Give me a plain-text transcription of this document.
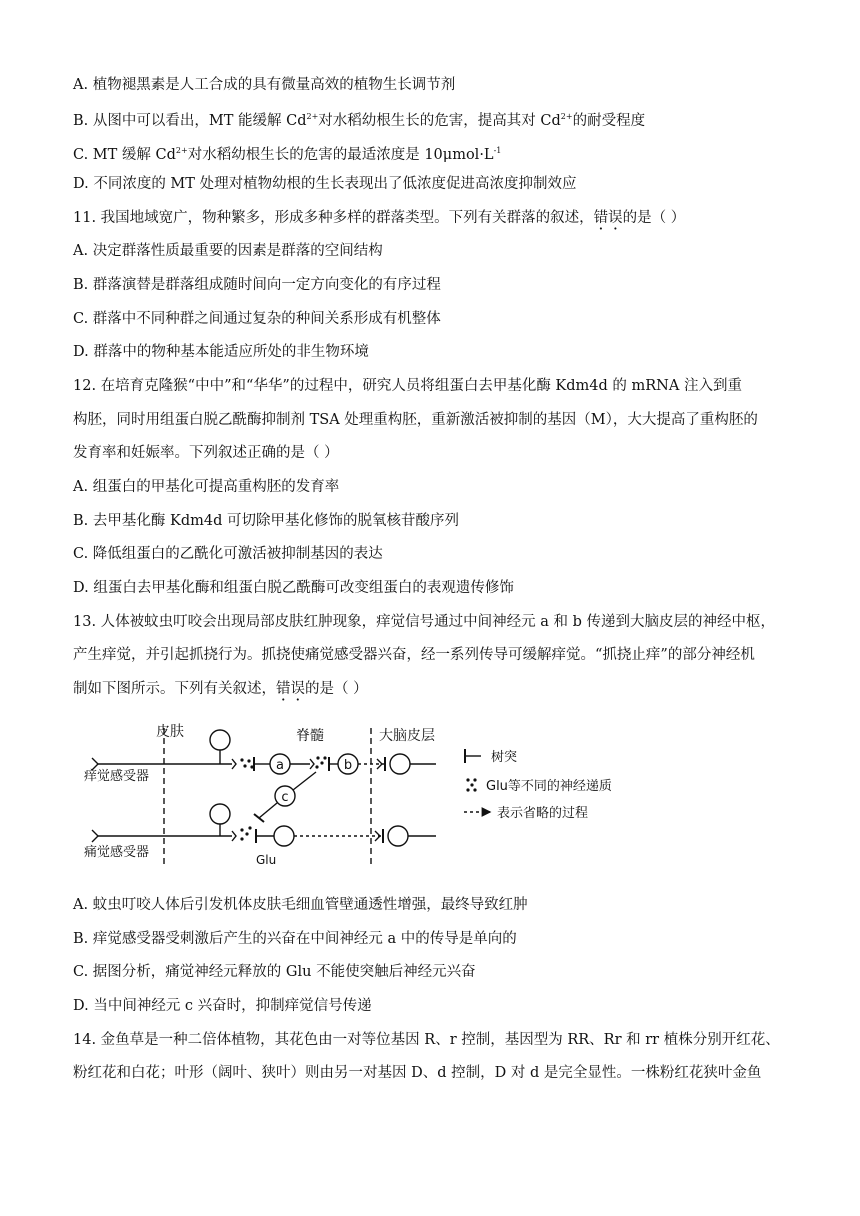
A. 植物褪黑素是人工合成的具有微量高效的植物生长调节剂
B. 从图中可以看出，MT 能缓解 $Cd^{2+}$对水稻幼根生长的危害，提高其对 $Cd^{2+}$的耐受程度
C. MT 缓解 $Cd^{2+}$对水稻幼根生长的危害的最适浓度是 $10\mu mol\cdot L^{-1}$
D. 不同浓度的 MT 处理对植物幼根的生长表现出了低浓度促进高浓度抑制效应
11. 我国地域宽广，物种繁多，形成多种多样的群落类型。下列有关群落的叙述，错误的是（ ）
A. 决定群落性质最重要的因素是群落的空间结构
B. 群落演替是群落组成随时间向一定方向变化的有序过程
C. 群落中不同种群之间通过复杂的种间关系形成有机整体
D. 群落中的物种基本能适应所处的非生物环境
12. 在培育克隆猴“中中”和“华华”的过程中，研究人员将组蛋白去甲基化酶 Kdm4d 的 mRNA 注入到重
构胚，同时用组蛋白脱乙酰酶抑制剂 TSA 处理重构胚，重新激活被抑制的基因（M），大大提高了重构胚的
发育率和妊娠率。下列叙述正确的是（ ）
A. 组蛋白的甲基化可提高重构胚的发育率
B. 去甲基化酶 Kdm4d 可切除甲基化修饰的脱氧核苷酸序列
C. 降低组蛋白的乙酰化可激活被抑制基因的表达
D. 组蛋白去甲基化酶和组蛋白脱乙酰酶可改变组蛋白的表观遗传修饰
13. 人体被蚊虫叮咬会出现局部皮肤红肿现象，痒觉信号通过中间神经元 a 和 b 传递到大脑皮层的神经中枢，
产生痒觉，并引起抓挠行为。抓挠使痛觉感受器兴奋，经一系列传导可缓解痒觉。“抓挠止痒”的部分神经机
制如下图所示。下列有关叙述，错误的是（ ）
皮肤	脊髓	大脑皮层
痒觉感受器
痛觉感受器
a	b
c
Glu
树突
Glu等不同的神经递质
表示省略的过程
A. 蚊虫叮咬人体后引发机体皮肤毛细血管壁通透性增强，最终导致红肿
B. 痒觉感受器受刺激后产生的兴奋在中间神经元 a 中的传导是单向的
C. 据图分析，痛觉神经元释放的 Glu 不能使突触后神经元兴奋
D. 当中间神经元 c 兴奋时，抑制痒觉信号传递
14. 金鱼草是一种二倍体植物，其花色由一对等位基因 R、r 控制，基因型为 RR、Rr 和 rr 植株分别开红花、
粉红花和白花；叶形（阔叶、狭叶）则由另一对基因 D、d 控制，D 对 d 是完全显性。一株粉红花狭叶金鱼
